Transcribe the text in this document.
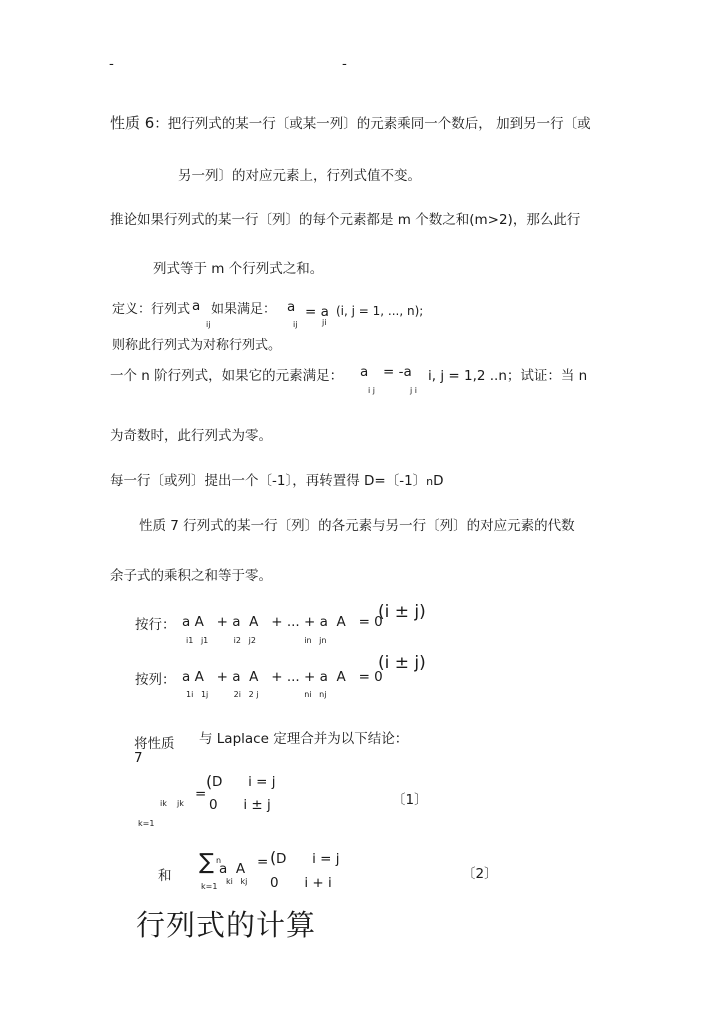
-	-
性质 6：把行列式的某一行〔或某一列〕的元素乘同一个数后， 加到另一行〔或
另一列〕的对应元素上，行列式值不变。
推论如果行列式的某一行〔列〕的每个元素都是 m 个数之和(m>2)，那么此行
列式等于 m 个行列式之和。
定义：行列式 a
ij
如果满足： a
ij
= a
ji
(i, j = 1, ..., n);
则称此行列式为对称行列式。
一个 n 阶行列式，如果它的元素满足： a
i j
= -a
j i
i, j = 1,2 ..n；试证：当 n
为奇数时，此行列式为零。
每一行〔或列〕提出一个〔-1〕，再转置得 D=〔-1〕nD
性质 7 行列式的某一行〔列〕的各元素与另一行〔列〕的对应元素的代数
余子式的乘积之和等于零。
按行： a A   + a  A   + ... + a  A   = 0
i1   j1          i2   j2                   in   jn
(i ± j)
按列： a A   + a  A   + ... + a  A   = 0
1i   1j          2i   2 j                  ni   nj
(i ± j)
将性质
7
与 Laplace 定理合并为以下结论：
ik    jk
k=1
=
( D      i = j
0      i ± j	〔1〕
和
∑ n
k=1
a  A
ki   kj
= ( D      i = j
0      i + i
〔2〕
行列式的计算
